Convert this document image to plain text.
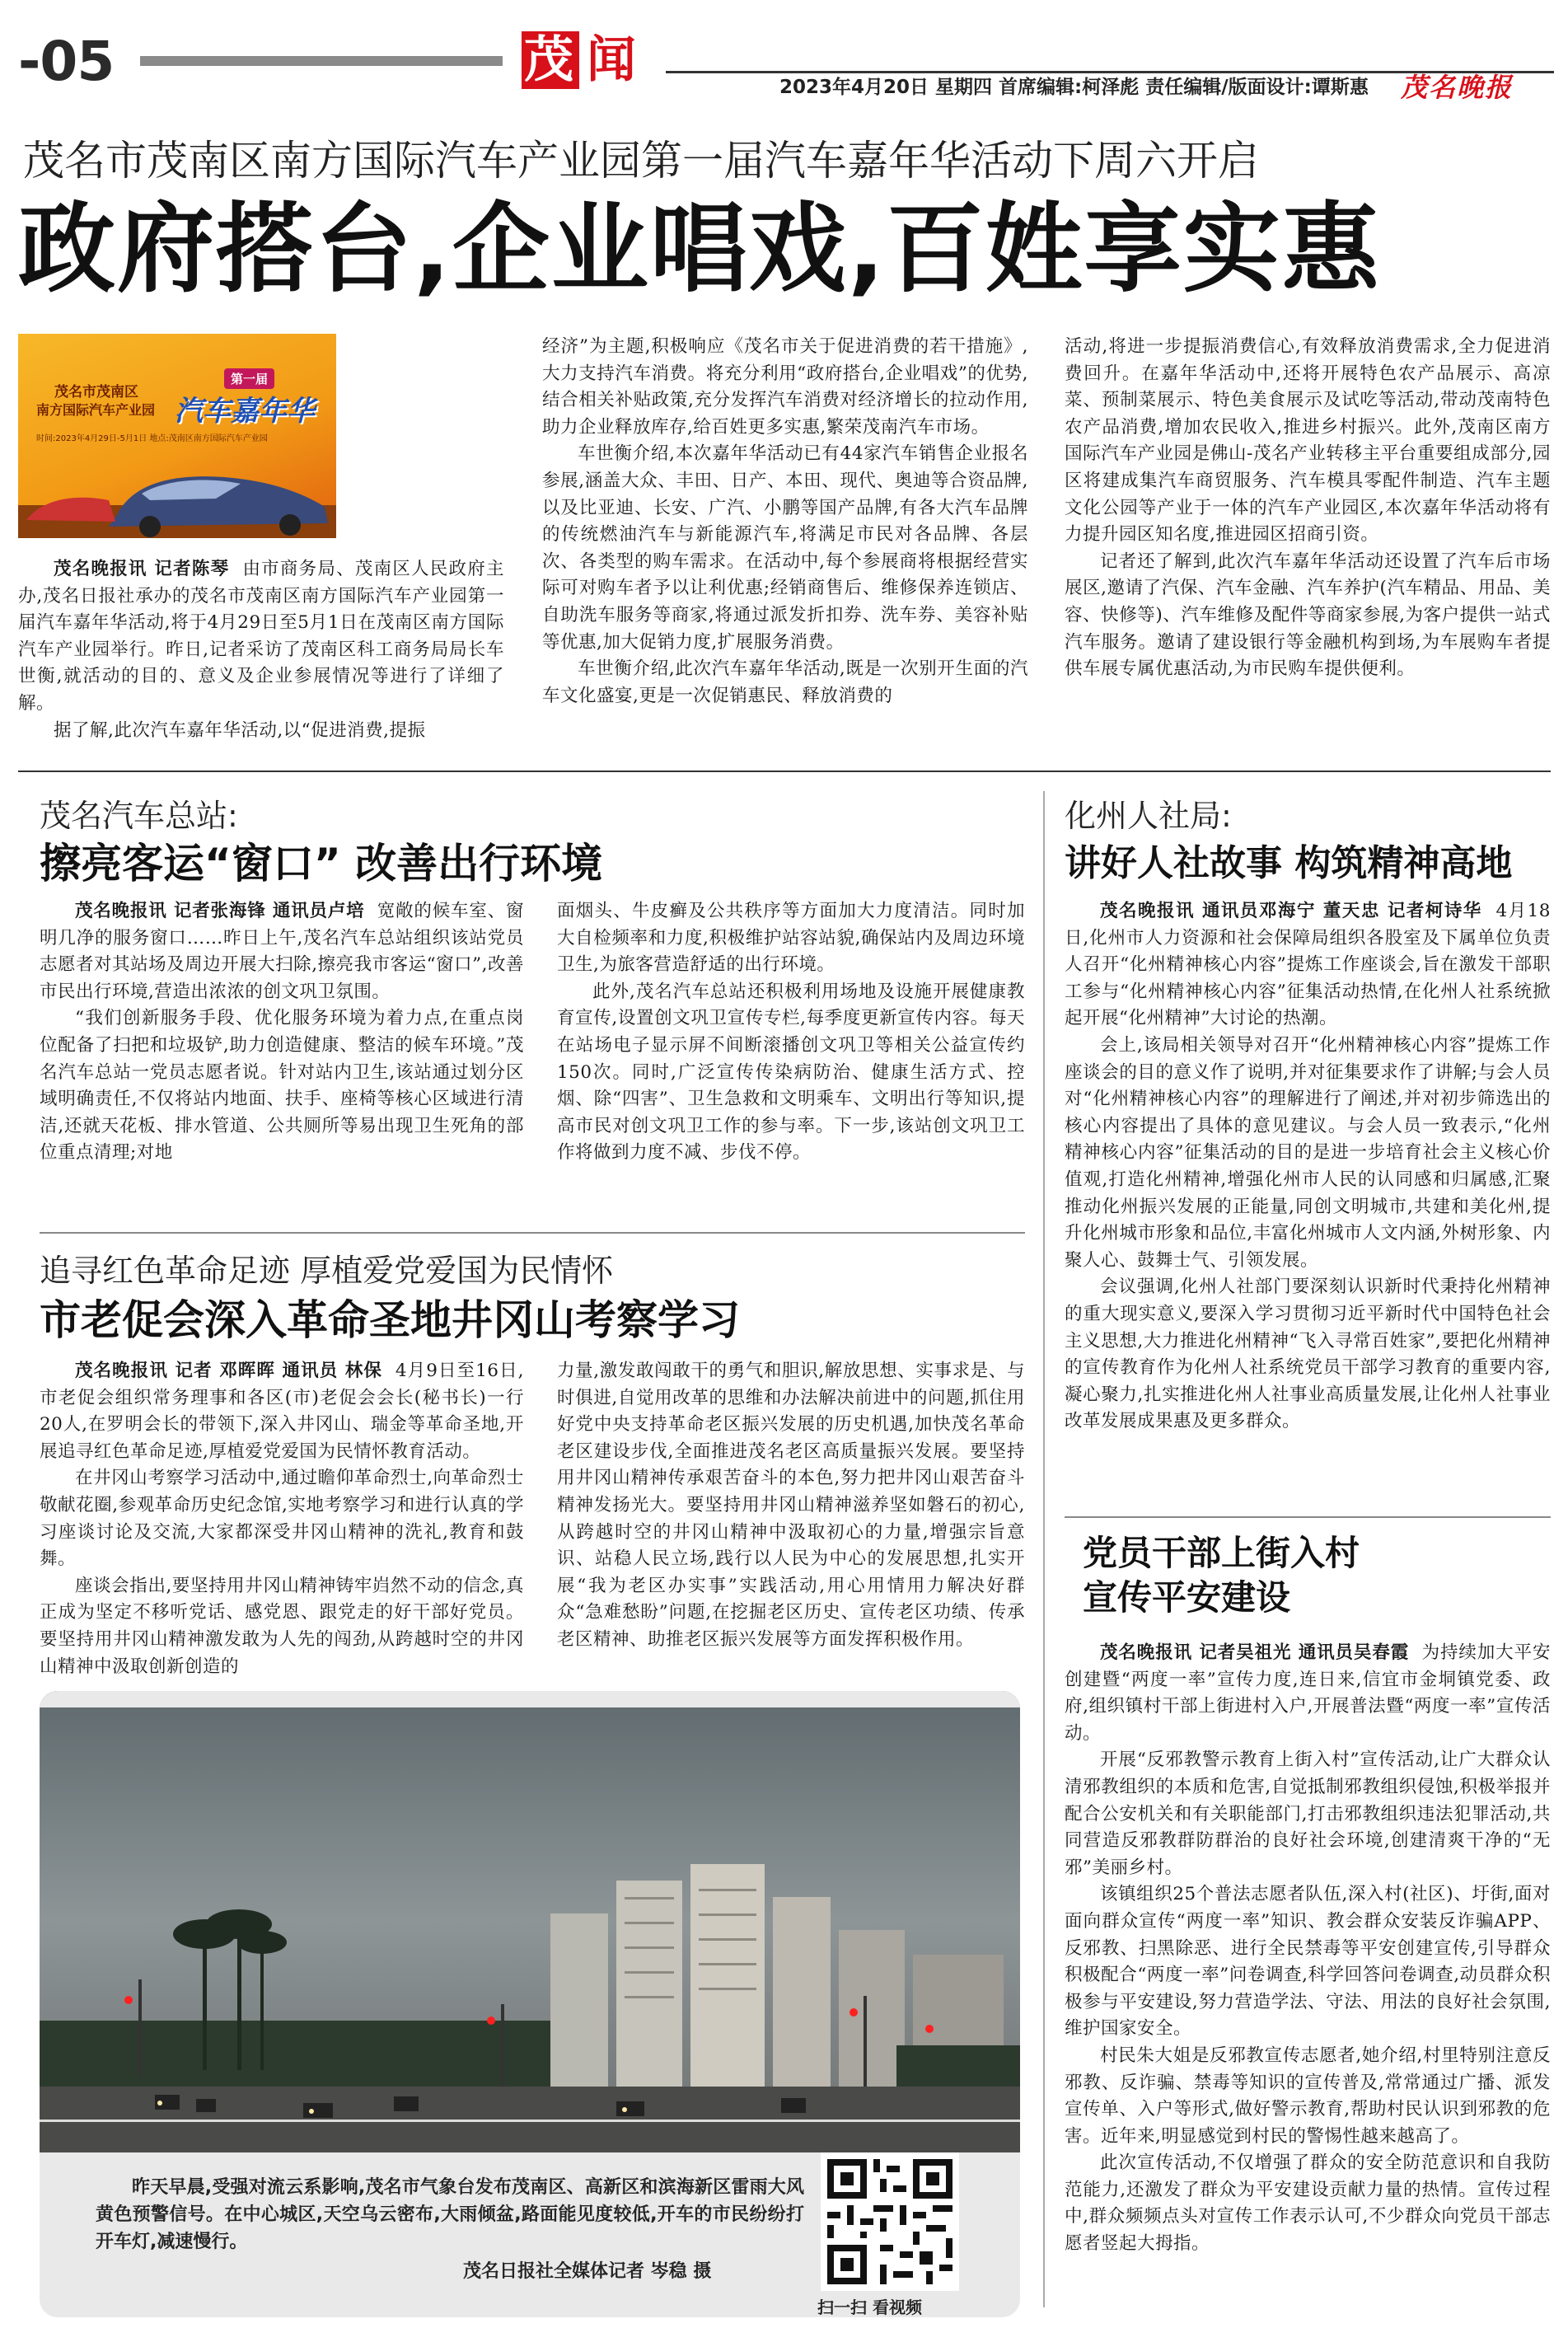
-05	茂 闻	2023年4月20日 星期四 首席编辑:柯泽彪 责任编辑/版面设计:谭斯惠 茂名晚报
茂名市茂南区南方国际汽车产业园第一届汽车嘉年华活动下周六开启
政府搭台,企业唱戏,百姓享实惠
茂名市茂南区
南方国际汽车产业园
第一届
汽车嘉年华
时间:2023年4月29日-5月1日 地点:茂南区南方国际汽车产业园
茂名晚报讯 记者陈琴 由市商务局、茂南区人民政府主办,茂名日报社承办的茂名市茂南区南方国际汽车产业园第一届汽车嘉年华活动,将于4月29日至5月1日在茂南区南方国际汽车产业园举行。昨日,记者采访了茂南区科工商务局局长车世衡,就活动的目的、意义及企业参展情况等进行了详细了解。

据了解,此次汽车嘉年华活动,以“促进消费,提振

经济”为主题,积极响应《茂名市关于促进消费的若干措施》,大力支持汽车消费。将充分利用“政府搭台,企业唱戏”的优势,结合相关补贴政策,充分发挥汽车消费对经济增长的拉动作用,助力企业释放库存,给百姓更多实惠,繁荣茂南汽车市场。

车世衡介绍,本次嘉年华活动已有44家汽车销售企业报名参展,涵盖大众、丰田、日产、本田、现代、奥迪等合资品牌,以及比亚迪、长安、广汽、小鹏等国产品牌,有各大汽车品牌的传统燃油汽车与新能源汽车,将满足市民对各品牌、各层次、各类型的购车需求。在活动中,每个参展商将根据经营实际可对购车者予以让利优惠;经销商售后、维修保养连锁店、自助洗车服务等商家,将通过派发折扣券、洗车券、美容补贴等优惠,加大促销力度,扩展服务消费。

车世衡介绍,此次汽车嘉年华活动,既是一次别开生面的汽车文化盛宴,更是一次促销惠民、释放消费的

活动,将进一步提振消费信心,有效释放消费需求,全力促进消费回升。在嘉年华活动中,还将开展特色农产品展示、高凉菜、预制菜展示、特色美食展示及试吃等活动,带动茂南特色农产品消费,增加农民收入,推进乡村振兴。此外,茂南区南方国际汽车产业园是佛山-茂名产业转移主平台重要组成部分,园区将建成集汽车商贸服务、汽车模具零配件制造、汽车主题文化公园等产业于一体的汽车产业园区,本次嘉年华活动将有力提升园区知名度,推进园区招商引资。

记者还了解到,此次汽车嘉年华活动还设置了汽车后市场展区,邀请了汽保、汽车金融、汽车养护(汽车精品、用品、美容、快修等)、汽车维修及配件等商家参展,为客户提供一站式汽车服务。邀请了建设银行等金融机构到场,为车展购车者提供车展专属优惠活动,为市民购车提供便利。

茂名汽车总站:
擦亮客运“窗口” 改善出行环境
茂名晚报讯 记者张海锋 通讯员卢培 宽敞的候车室、窗明几净的服务窗口……昨日上午,茂名汽车总站组织该站党员志愿者对其站场及周边开展大扫除,擦亮我市客运“窗口”,改善市民出行环境,营造出浓浓的创文巩卫氛围。

“我们创新服务手段、优化服务环境为着力点,在重点岗位配备了扫把和垃圾铲,助力创造健康、整洁的候车环境。”茂名汽车总站一党员志愿者说。针对站内卫生,该站通过划分区域明确责任,不仅将站内地面、扶手、座椅等核心区域进行清洁,还就天花板、排水管道、公共厕所等易出现卫生死角的部位重点清理;对地

面烟头、牛皮癣及公共秩序等方面加大力度清洁。同时加大自检频率和力度,积极维护站容站貌,确保站内及周边环境卫生,为旅客营造舒适的出行环境。

此外,茂名汽车总站还积极利用场地及设施开展健康教育宣传,设置创文巩卫宣传专栏,每季度更新宣传内容。每天在站场电子显示屏不间断滚播创文巩卫等相关公益宣传约150次。同时,广泛宣传传染病防治、健康生活方式、控烟、除“四害”、卫生急救和文明乘车、文明出行等知识,提高市民对创文巩卫工作的参与率。下一步,该站创文巩卫工作将做到力度不减、步伐不停。

追寻红色革命足迹 厚植爱党爱国为民情怀
市老促会深入革命圣地井冈山考察学习
茂名晚报讯 记者 邓晖晖 通讯员 林保 4月9日至16日,市老促会组织常务理事和各区(市)老促会会长(秘书长)一行20人,在罗明会长的带领下,深入井冈山、瑞金等革命圣地,开展追寻红色革命足迹,厚植爱党爱国为民情怀教育活动。

在井冈山考察学习活动中,通过瞻仰革命烈士,向革命烈士敬献花圈,参观革命历史纪念馆,实地考察学习和进行认真的学习座谈讨论及交流,大家都深受井冈山精神的洗礼,教育和鼓舞。

座谈会指出,要坚持用井冈山精神铸牢岿然不动的信念,真正成为坚定不移听党话、感党恩、跟党走的好干部好党员。要坚持用井冈山精神激发敢为人先的闯劲,从跨越时空的井冈山精神中汲取创新创造的

力量,激发敢闯敢干的勇气和胆识,解放思想、实事求是、与时俱进,自觉用改革的思维和办法解决前进中的问题,抓住用好党中央支持革命老区振兴发展的历史机遇,加快茂名革命老区建设步伐,全面推进茂名老区高质量振兴发展。要坚持用井冈山精神传承艰苦奋斗的本色,努力把井冈山艰苦奋斗精神发扬光大。要坚持用井冈山精神滋养坚如磐石的初心,从跨越时空的井冈山精神中汲取初心的力量,增强宗旨意识、站稳人民立场,践行以人民为中心的发展思想,扎实开展“我为老区办实事”实践活动,用心用情用力解决好群众“急难愁盼”问题,在挖掘老区历史、宣传老区功绩、传承老区精神、助推老区振兴发展等方面发挥积极作用。

化州人社局:
讲好人社故事 构筑精神高地
茂名晚报讯 通讯员邓海宁 董天忠 记者柯诗华 4月18日,化州市人力资源和社会保障局组织各股室及下属单位负责人召开“化州精神核心内容”提炼工作座谈会,旨在激发干部职工参与“化州精神核心内容”征集活动热情,在化州人社系统掀起开展“化州精神”大讨论的热潮。

会上,该局相关领导对召开“化州精神核心内容”提炼工作座谈会的目的意义作了说明,并对征集要求作了讲解;与会人员对“化州精神核心内容”的理解进行了阐述,并对初步筛选出的核心内容提出了具体的意见建议。与会人员一致表示,“化州精神核心内容”征集活动的目的是进一步培育社会主义核心价值观,打造化州精神,增强化州市人民的认同感和归属感,汇聚推动化州振兴发展的正能量,同创文明城市,共建和美化州,提升化州城市形象和品位,丰富化州城市人文内涵,外树形象、内聚人心、鼓舞士气、引领发展。

会议强调,化州人社部门要深刻认识新时代秉持化州精神的重大现实意义,要深入学习贯彻习近平新时代中国特色社会主义思想,大力推进化州精神“飞入寻常百姓家”,要把化州精神的宣传教育作为化州人社系统党员干部学习教育的重要内容,凝心聚力,扎实推进化州人社事业高质量发展,让化州人社事业改革发展成果惠及更多群众。

党员干部上街入村
宣传平安建设
茂名晚报讯 记者吴祖光 通讯员吴春霞 为持续加大平安创建暨“两度一率”宣传力度,连日来,信宜市金垌镇党委、政府,组织镇村干部上街进村入户,开展普法暨“两度一率”宣传活动。

开展“反邪教警示教育上街入村”宣传活动,让广大群众认清邪教组织的本质和危害,自觉抵制邪教组织侵蚀,积极举报并配合公安机关和有关职能部门,打击邪教组织违法犯罪活动,共同营造反邪教群防群治的良好社会环境,创建清爽干净的“无邪”美丽乡村。

该镇组织25个普法志愿者队伍,深入村(社区)、圩街,面对面向群众宣传“两度一率”知识、教会群众安装反诈骗APP、反邪教、扫黑除恶、进行全民禁毒等平安创建宣传,引导群众积极配合“两度一率”问卷调查,科学回答问卷调查,动员群众积极参与平安建设,努力营造学法、守法、用法的良好社会氛围,维护国家安全。

村民朱大姐是反邪教宣传志愿者,她介绍,村里特别注意反邪教、反诈骗、禁毒等知识的宣传普及,常常通过广播、派发宣传单、入户等形式,做好警示教育,帮助村民认识到邪教的危害。近年来,明显感觉到村民的警惕性越来越高了。

此次宣传活动,不仅增强了群众的安全防范意识和自我防范能力,还激发了群众为平安建设贡献力量的热情。宣传过程中,群众频频点头对宣传工作表示认可,不少群众向党员干部志愿者竖起大拇指。

昨天早晨,受强对流云系影响,茂名市气象台发布茂南区、高新区和滨海新区雷雨大风黄色预警信号。在中心城区,天空乌云密布,大雨倾盆,路面能见度较低,开车的市民纷纷打开车灯,减速慢行。
茂名日报社全媒体记者 岑稳 摄
扫一扫 看视频
